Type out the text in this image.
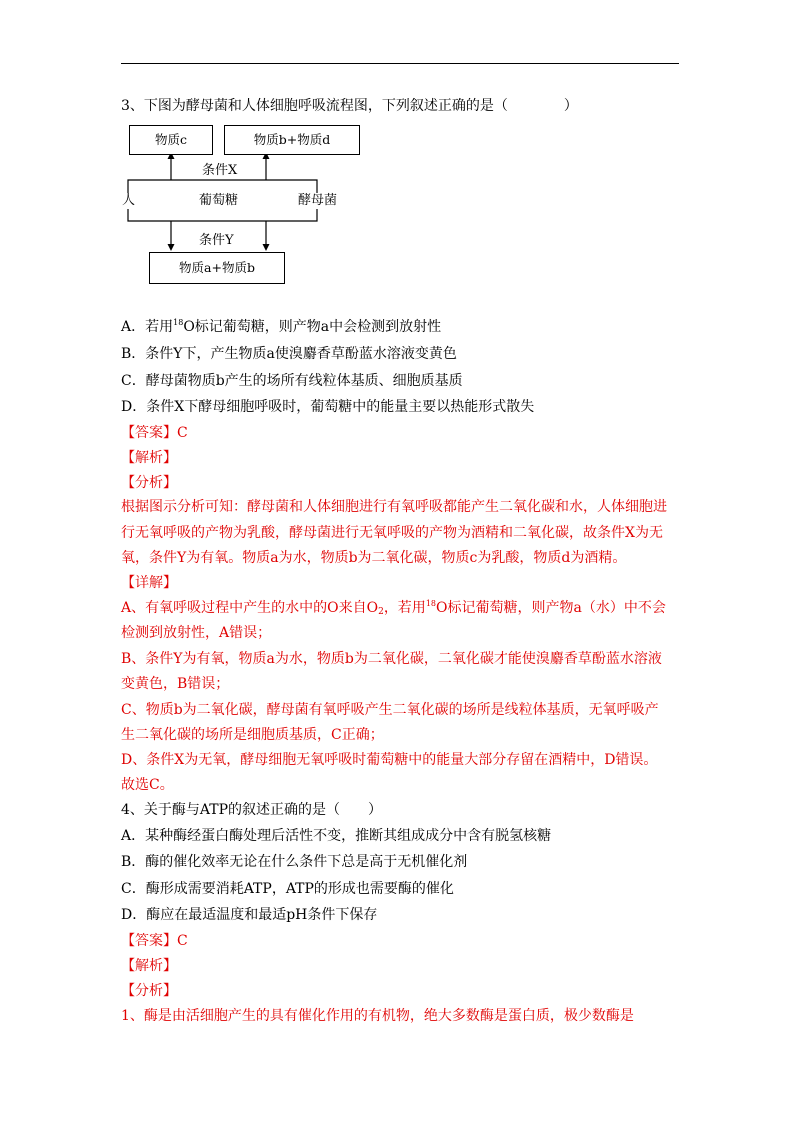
3、下图为酵母菌和人体细胞呼吸流程图，下列叙述正确的是（　　　　）
物质c	物质b+物质d
条件X
人	葡萄糖	酵母菌
条件Y
物质a+物质b
A．若用$^{18}$O标记葡萄糖，则产物a中会检测到放射性
B．条件Y下，产生物质a使溴麝香草酚蓝水溶液变黄色
C．酵母菌物质b产生的场所有线粒体基质、细胞质基质
D．条件X下酵母细胞呼吸时，葡萄糖中的能量主要以热能形式散失
【答案】C
【解析】
【分析】
根据图示分析可知：酵母菌和人体细胞进行有氧呼吸都能产生二氧化碳和水，人体细胞进
行无氧呼吸的产物为乳酸，酵母菌进行无氧呼吸的产物为酒精和二氧化碳，故条件X为无
氧，条件Y为有氧。物质a为水，物质b为二氧化碳，物质c为乳酸，物质d为酒精。
【详解】
A、有氧呼吸过程中产生的水中的O来自$O_2$，若用$^{18}$O标记葡萄糖，则产物a（水）中不会
检测到放射性，A错误；
B、条件Y为有氧，物质a为水，物质b为二氧化碳，二氧化碳才能使溴麝香草酚蓝水溶液
变黄色，B错误；
C、物质b为二氧化碳，酵母菌有氧呼吸产生二氧化碳的场所是线粒体基质，无氧呼吸产
生二氧化碳的场所是细胞质基质，C正确；
D、条件X为无氧，酵母细胞无氧呼吸时葡萄糖中的能量大部分存留在酒精中，D错误。
故选C。
4、关于酶与ATP的叙述正确的是（　　）
A．某种酶经蛋白酶处理后活性不变，推断其组成成分中含有脱氢核糖
B．酶的催化效率无论在什么条件下总是高于无机催化剂
C．酶形成需要消耗ATP，ATP的形成也需要酶的催化
D．酶应在最适温度和最适pH条件下保存
【答案】C
【解析】
【分析】
1、酶是由活细胞产生的具有催化作用的有机物，绝大多数酶是蛋白质，极少数酶是
